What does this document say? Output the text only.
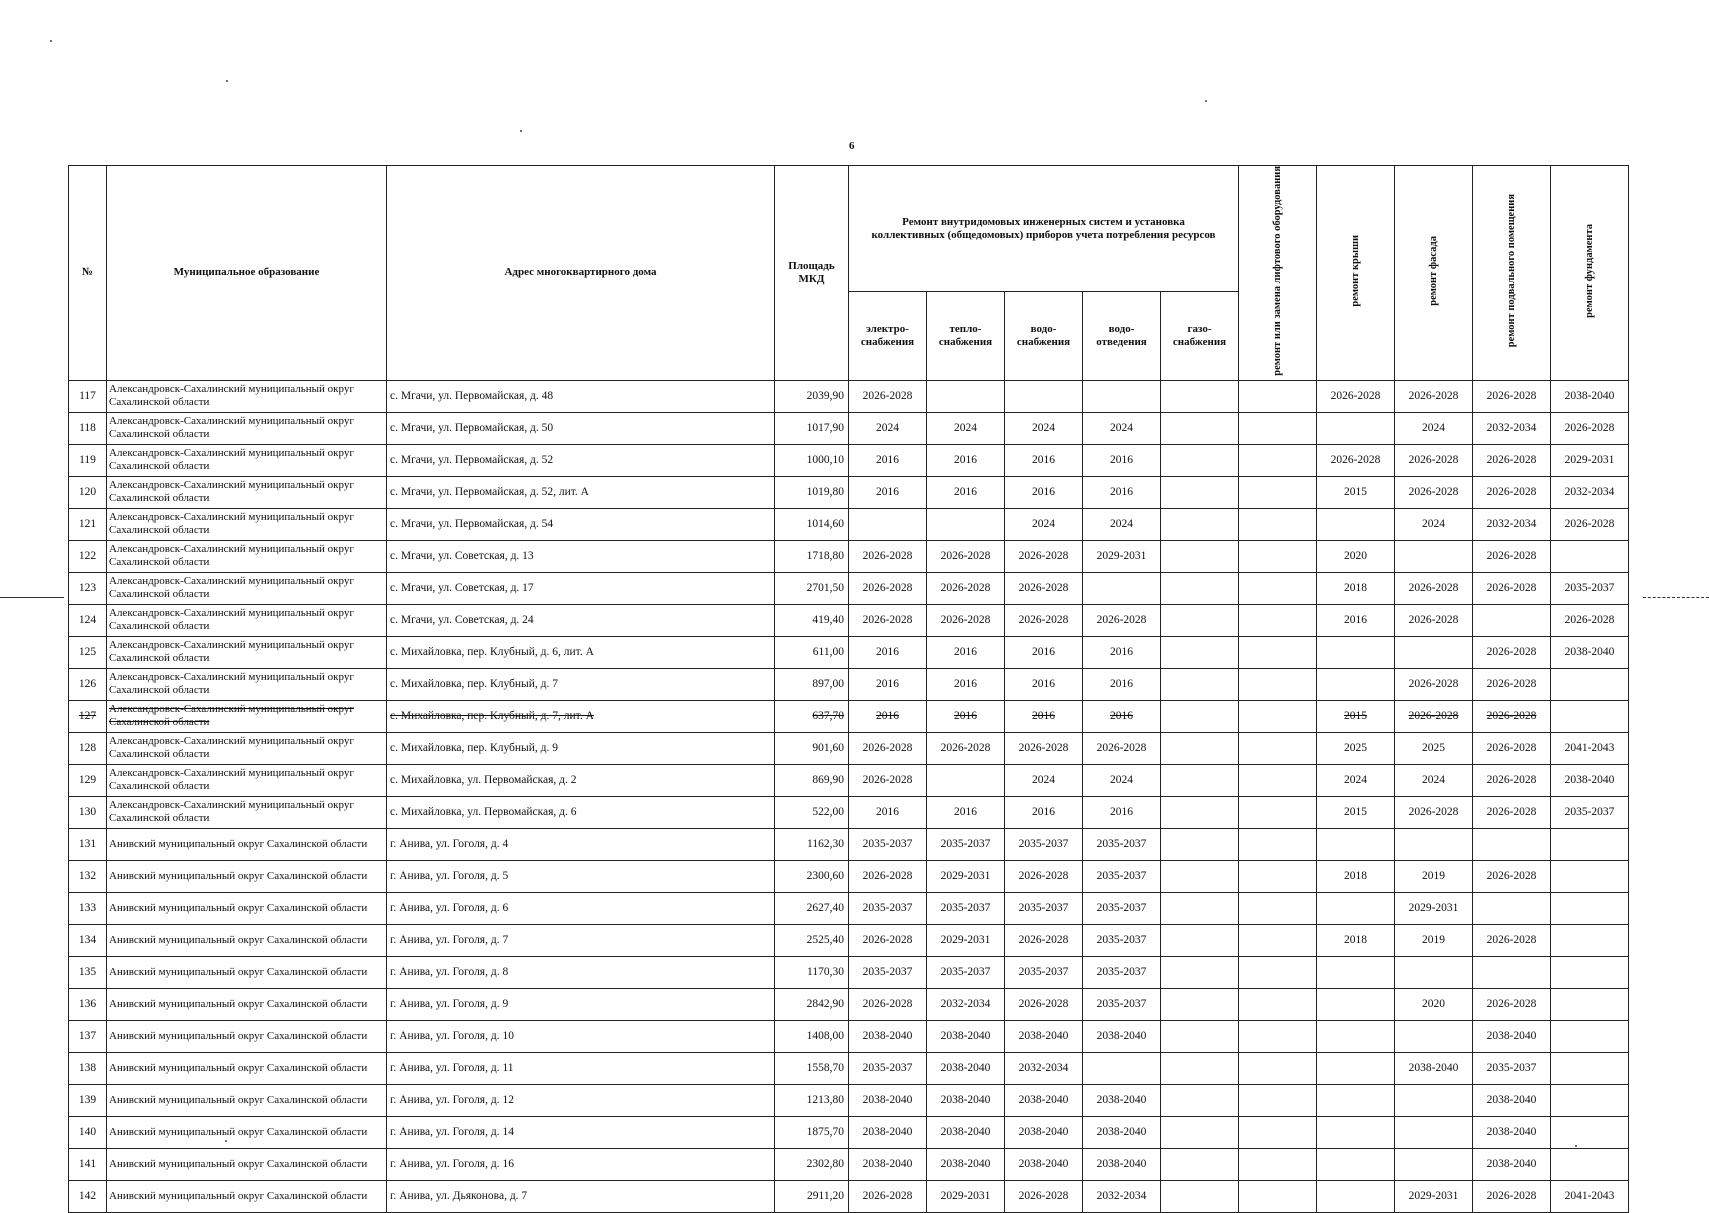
6
№	Муниципальное образование	Адрес многоквартирного дома	Площадь МКД	Ремонт внутридомовых инженерных систем и установка коллективных (общедомовых) приборов учета потребления ресурсов					ремонт или замена лифтового оборудования	ремонт крыши	ремонт фасада	ремонт подвального помещения	ремонт фундамента
				электро-снабжения	тепло-снабжения	водо-снабжения	водо-отведения	газо-снабжения					
117	Александровск-Сахалинский муниципальный округ Сахалинской области	с. Мгачи, ул. Первомайская, д. 48	2039,90	2026-2028						2026-2028	2026-2028	2026-2028	2038-2040
118	Александровск-Сахалинский муниципальный округ Сахалинской области	с. Мгачи, ул. Первомайская, д. 50	1017,90	2024	2024	2024	2024				2024	2032-2034	2026-2028
119	Александровск-Сахалинский муниципальный округ Сахалинской области	с. Мгачи, ул. Первомайская, д. 52	1000,10	2016	2016	2016	2016			2026-2028	2026-2028	2026-2028	2029-2031
120	Александровск-Сахалинский муниципальный округ Сахалинской области	с. Мгачи, ул. Первомайская, д. 52, лит. А	1019,80	2016	2016	2016	2016			2015	2026-2028	2026-2028	2032-2034
121	Александровск-Сахалинский муниципальный округ Сахалинской области	с. Мгачи, ул. Первомайская, д. 54	1014,60			2024	2024				2024	2032-2034	2026-2028
122	Александровск-Сахалинский муниципальный округ Сахалинской области	с. Мгачи, ул. Советская, д. 13	1718,80	2026-2028	2026-2028	2026-2028	2029-2031			2020		2026-2028	
123	Александровск-Сахалинский муниципальный округ Сахалинской области	с. Мгачи, ул. Советская, д. 17	2701,50	2026-2028	2026-2028	2026-2028				2018	2026-2028	2026-2028	2035-2037
124	Александровск-Сахалинский муниципальный округ Сахалинской области	с. Мгачи, ул. Советская, д. 24	419,40	2026-2028	2026-2028	2026-2028	2026-2028			2016	2026-2028		2026-2028
125	Александровск-Сахалинский муниципальный округ Сахалинской области	с. Михайловка, пер. Клубный, д. 6, лит. А	611,00	2016	2016	2016	2016					2026-2028	2038-2040
126	Александровск-Сахалинский муниципальный округ Сахалинской области	с. Михайловка, пер. Клубный, д. 7	897,00	2016	2016	2016	2016				2026-2028	2026-2028	
127	Александровск-Сахалинский муниципальный округ Сахалинской области	с. Михайловка, пер. Клубный, д. 7, лит. А	637,70	2016	2016	2016	2016			2015	2026-2028	2026-2028	
128	Александровск-Сахалинский муниципальный округ Сахалинской области	с. Михайловка, пер. Клубный, д. 9	901,60	2026-2028	2026-2028	2026-2028	2026-2028			2025	2025	2026-2028	2041-2043
129	Александровск-Сахалинский муниципальный округ Сахалинской области	с. Михайловка, ул. Первомайская, д. 2	869,90	2026-2028		2024	2024			2024	2024	2026-2028	2038-2040
130	Александровск-Сахалинский муниципальный округ Сахалинской области	с. Михайловка, ул. Первомайская, д. 6	522,00	2016	2016	2016	2016			2015	2026-2028	2026-2028	2035-2037
131	Анивский муниципальный округ Сахалинской области	г. Анива, ул. Гоголя, д. 4	1162,30	2035-2037	2035-2037	2035-2037	2035-2037						
132	Анивский муниципальный округ Сахалинской области	г. Анива, ул. Гоголя, д. 5	2300,60	2026-2028	2029-2031	2026-2028	2035-2037			2018	2019	2026-2028	
133	Анивский муниципальный округ Сахалинской области	г. Анива, ул. Гоголя, д. 6	2627,40	2035-2037	2035-2037	2035-2037	2035-2037				2029-2031		
134	Анивский муниципальный округ Сахалинской области	г. Анива, ул. Гоголя, д. 7	2525,40	2026-2028	2029-2031	2026-2028	2035-2037			2018	2019	2026-2028	
135	Анивский муниципальный округ Сахалинской области	г. Анива, ул. Гоголя, д. 8	1170,30	2035-2037	2035-2037	2035-2037	2035-2037						
136	Анивский муниципальный округ Сахалинской области	г. Анива, ул. Гоголя, д. 9	2842,90	2026-2028	2032-2034	2026-2028	2035-2037				2020	2026-2028	
137	Анивский муниципальный округ Сахалинской области	г. Анива, ул. Гоголя, д. 10	1408,00	2038-2040	2038-2040	2038-2040	2038-2040					2038-2040	
138	Анивский муниципальный округ Сахалинской области	г. Анива, ул. Гоголя, д. 11	1558,70	2035-2037	2038-2040	2032-2034					2038-2040	2035-2037	
139	Анивский муниципальный округ Сахалинской области	г. Анива, ул. Гоголя, д. 12	1213,80	2038-2040	2038-2040	2038-2040	2038-2040					2038-2040	
140	Анивский муниципальный округ Сахалинской области	г. Анива, ул. Гоголя, д. 14	1875,70	2038-2040	2038-2040	2038-2040	2038-2040					2038-2040	
141	Анивский муниципальный округ Сахалинской области	г. Анива, ул. Гоголя, д. 16	2302,80	2038-2040	2038-2040	2038-2040	2038-2040					2038-2040	
142	Анивский муниципальный округ Сахалинской области	г. Анива, ул. Дьяконова, д. 7	2911,20	2026-2028	2029-2031	2026-2028	2032-2034				2029-2031	2026-2028	2041-2043
